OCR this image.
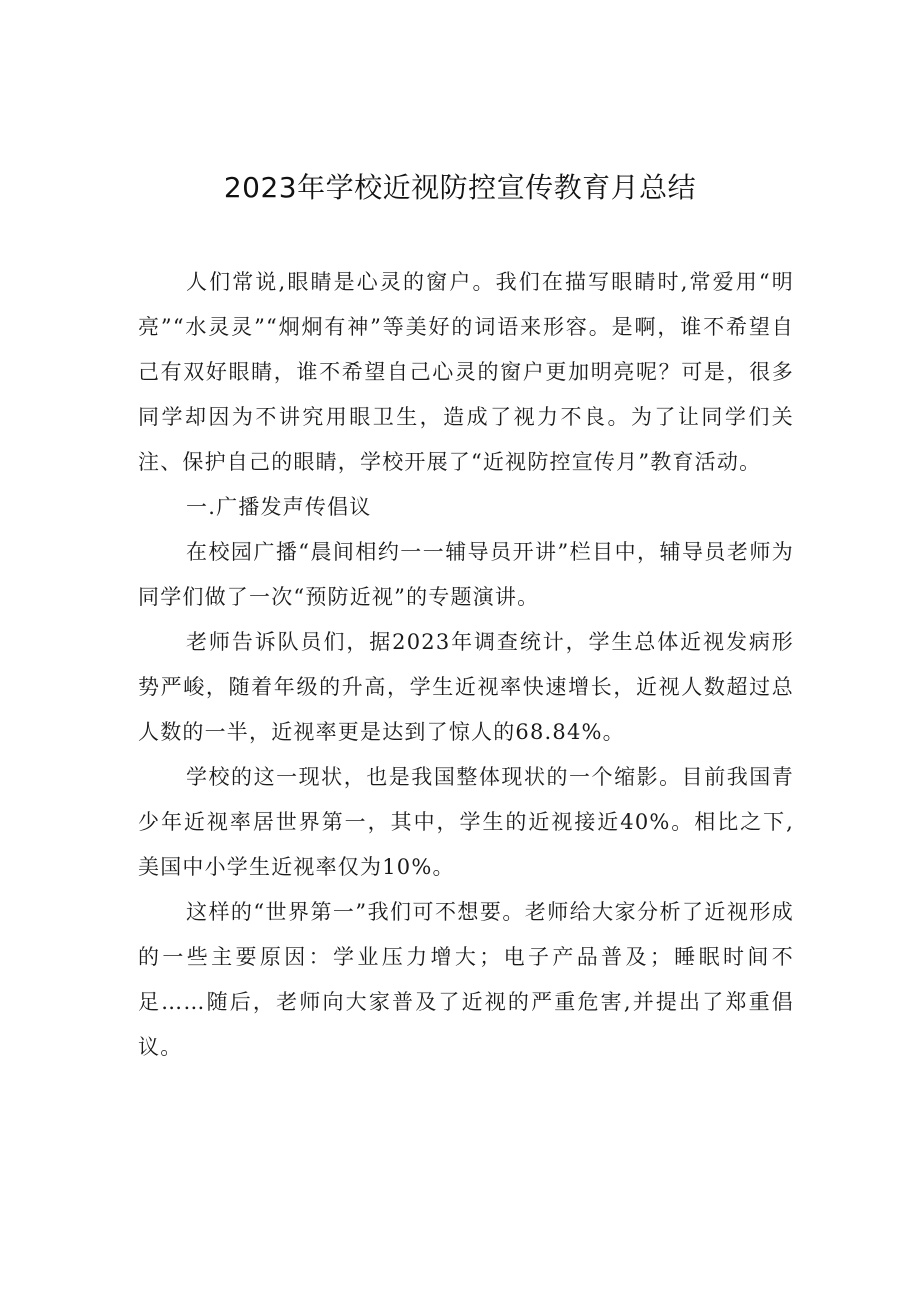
2023年学校近视防控宣传教育月总结

人们常说,眼睛是心灵的窗户。我们在描写眼睛时,常爱用“明亮”“水灵灵”“炯炯有神”等美好的词语来形容。是啊，谁不希望自己有双好眼睛，谁不希望自己心灵的窗户更加明亮呢？可是，很多同学却因为不讲究用眼卫生，造成了视力不良。为了让同学们关注、保护自己的眼睛，学校开展了“近视防控宣传月”教育活动。

一.广播发声传倡议

在校园广播“晨间相约一一辅导员开讲”栏目中，辅导员老师为同学们做了一次“预防近视”的专题演讲。

老师告诉队员们，据2023年调查统计，学生总体近视发病形势严峻，随着年级的升高，学生近视率快速增长，近视人数超过总人数的一半，近视率更是达到了惊人的68.84%。

学校的这一现状，也是我国整体现状的一个缩影。目前我国青少年近视率居世界第一，其中，学生的近视接近40%。相比之下,美国中小学生近视率仅为10%。

这样的“世界第一”我们可不想要。老师给大家分析了近视形成的一些主要原因：学业压力增大；电子产品普及；睡眠时间不足……随后，老师向大家普及了近视的严重危害,并提出了郑重倡议。
